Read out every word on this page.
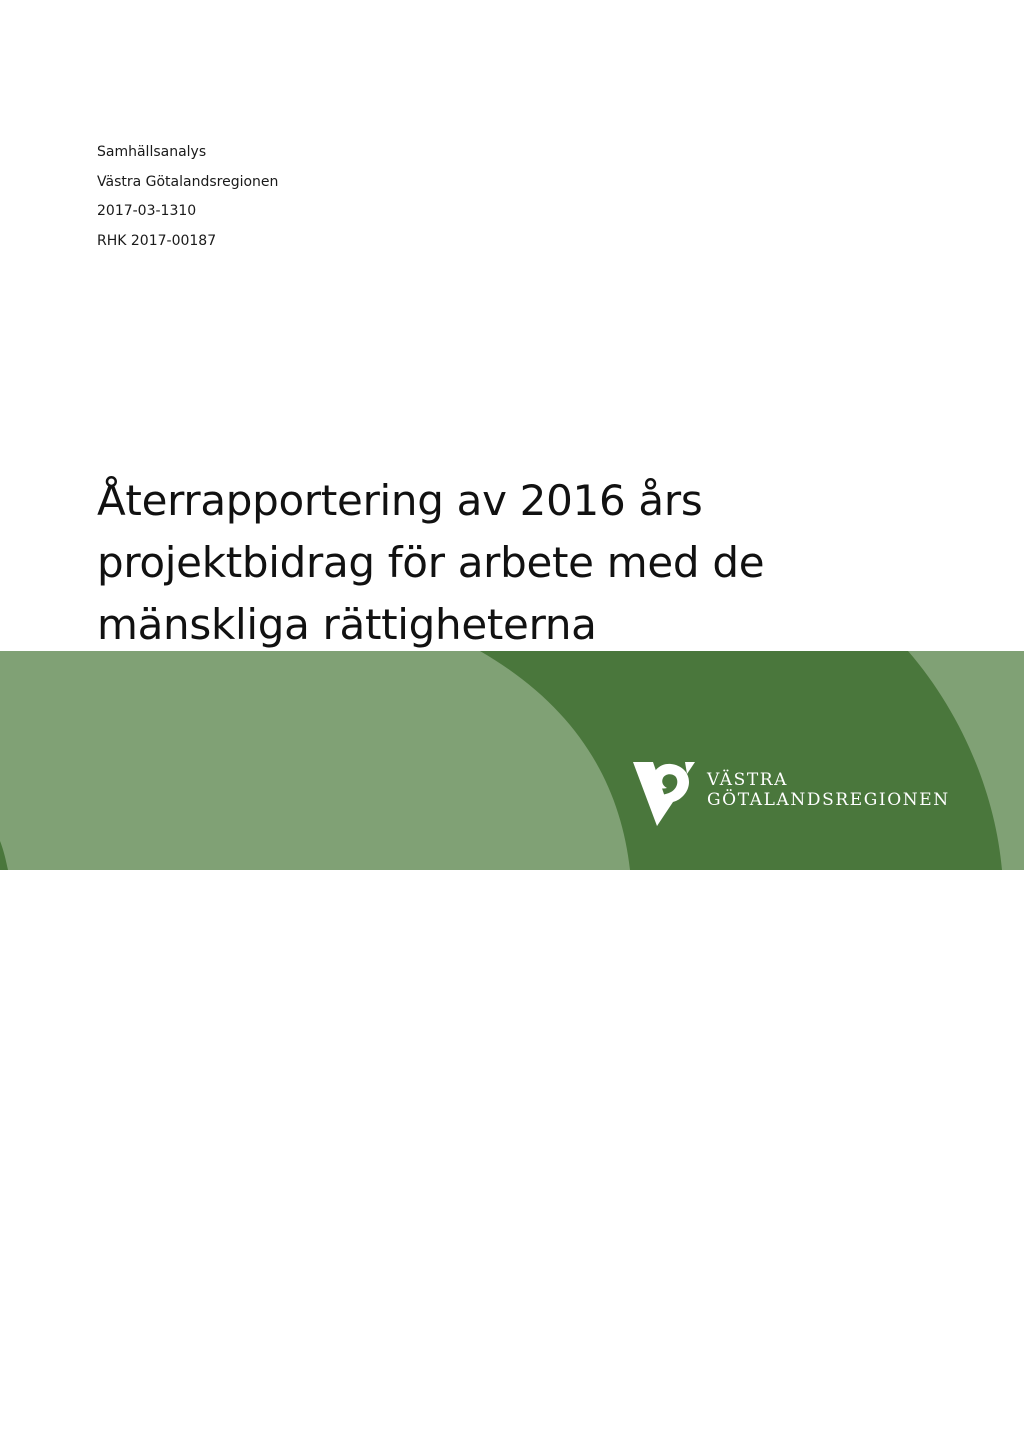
Samhällsanalys
Västra Götalandsregionen
2017-03-1310
RHK 2017-00187
Återrapportering av 2016 års
projektbidrag för arbete med de
mänskliga rättigheterna
VÄSTRA
GÖTALANDSREGIONEN
